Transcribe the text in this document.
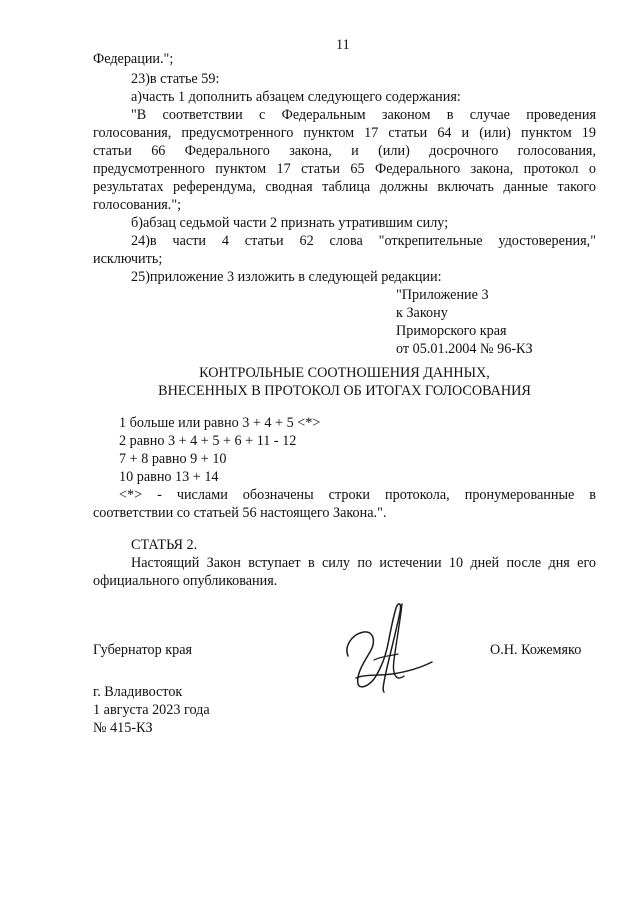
11
Федерации.";
23)в статье 59:
а)часть 1 дополнить абзацем следующего содержания:
"В соответствии с Федеральным законом в случае проведения
голосования, предусмотренного пунктом 17 статьи 64 и (или) пунктом 19
статьи 66 Федерального закона, и (или) досрочного голосования,
предусмотренного пунктом 17 статьи 65 Федерального закона, протокол о
результатах референдума, сводная таблица должны включать данные такого
голосования.";
б)абзац седьмой части 2 признать утратившим силу;
24)в части 4 статьи 62 слова "открепительные удостоверения,"
исключить;
25)приложение 3 изложить в следующей редакции:
"Приложение 3
к Закону
Приморского края
от 05.01.2004 № 96-КЗ
КОНТРОЛЬНЫЕ СООТНОШЕНИЯ ДАННЫХ,
ВНЕСЕННЫХ В ПРОТОКОЛ ОБ ИТОГАХ ГОЛОСОВАНИЯ
1 больше или равно 3 + 4 + 5 <*>
2 равно 3 + 4 + 5 + 6 + 11 - 12
7 + 8 равно 9 + 10
10 равно 13 + 14
<*> - числами обозначены строки протокола, пронумерованные в
соответствии со статьей 56 настоящего Закона.".
СТАТЬЯ 2.
Настоящий Закон вступает в силу по истечении 10 дней после дня его
официального опубликования.
Губернатор края	О.Н. Кожемяко
г. Владивосток
1 августа 2023 года
№ 415-КЗ
